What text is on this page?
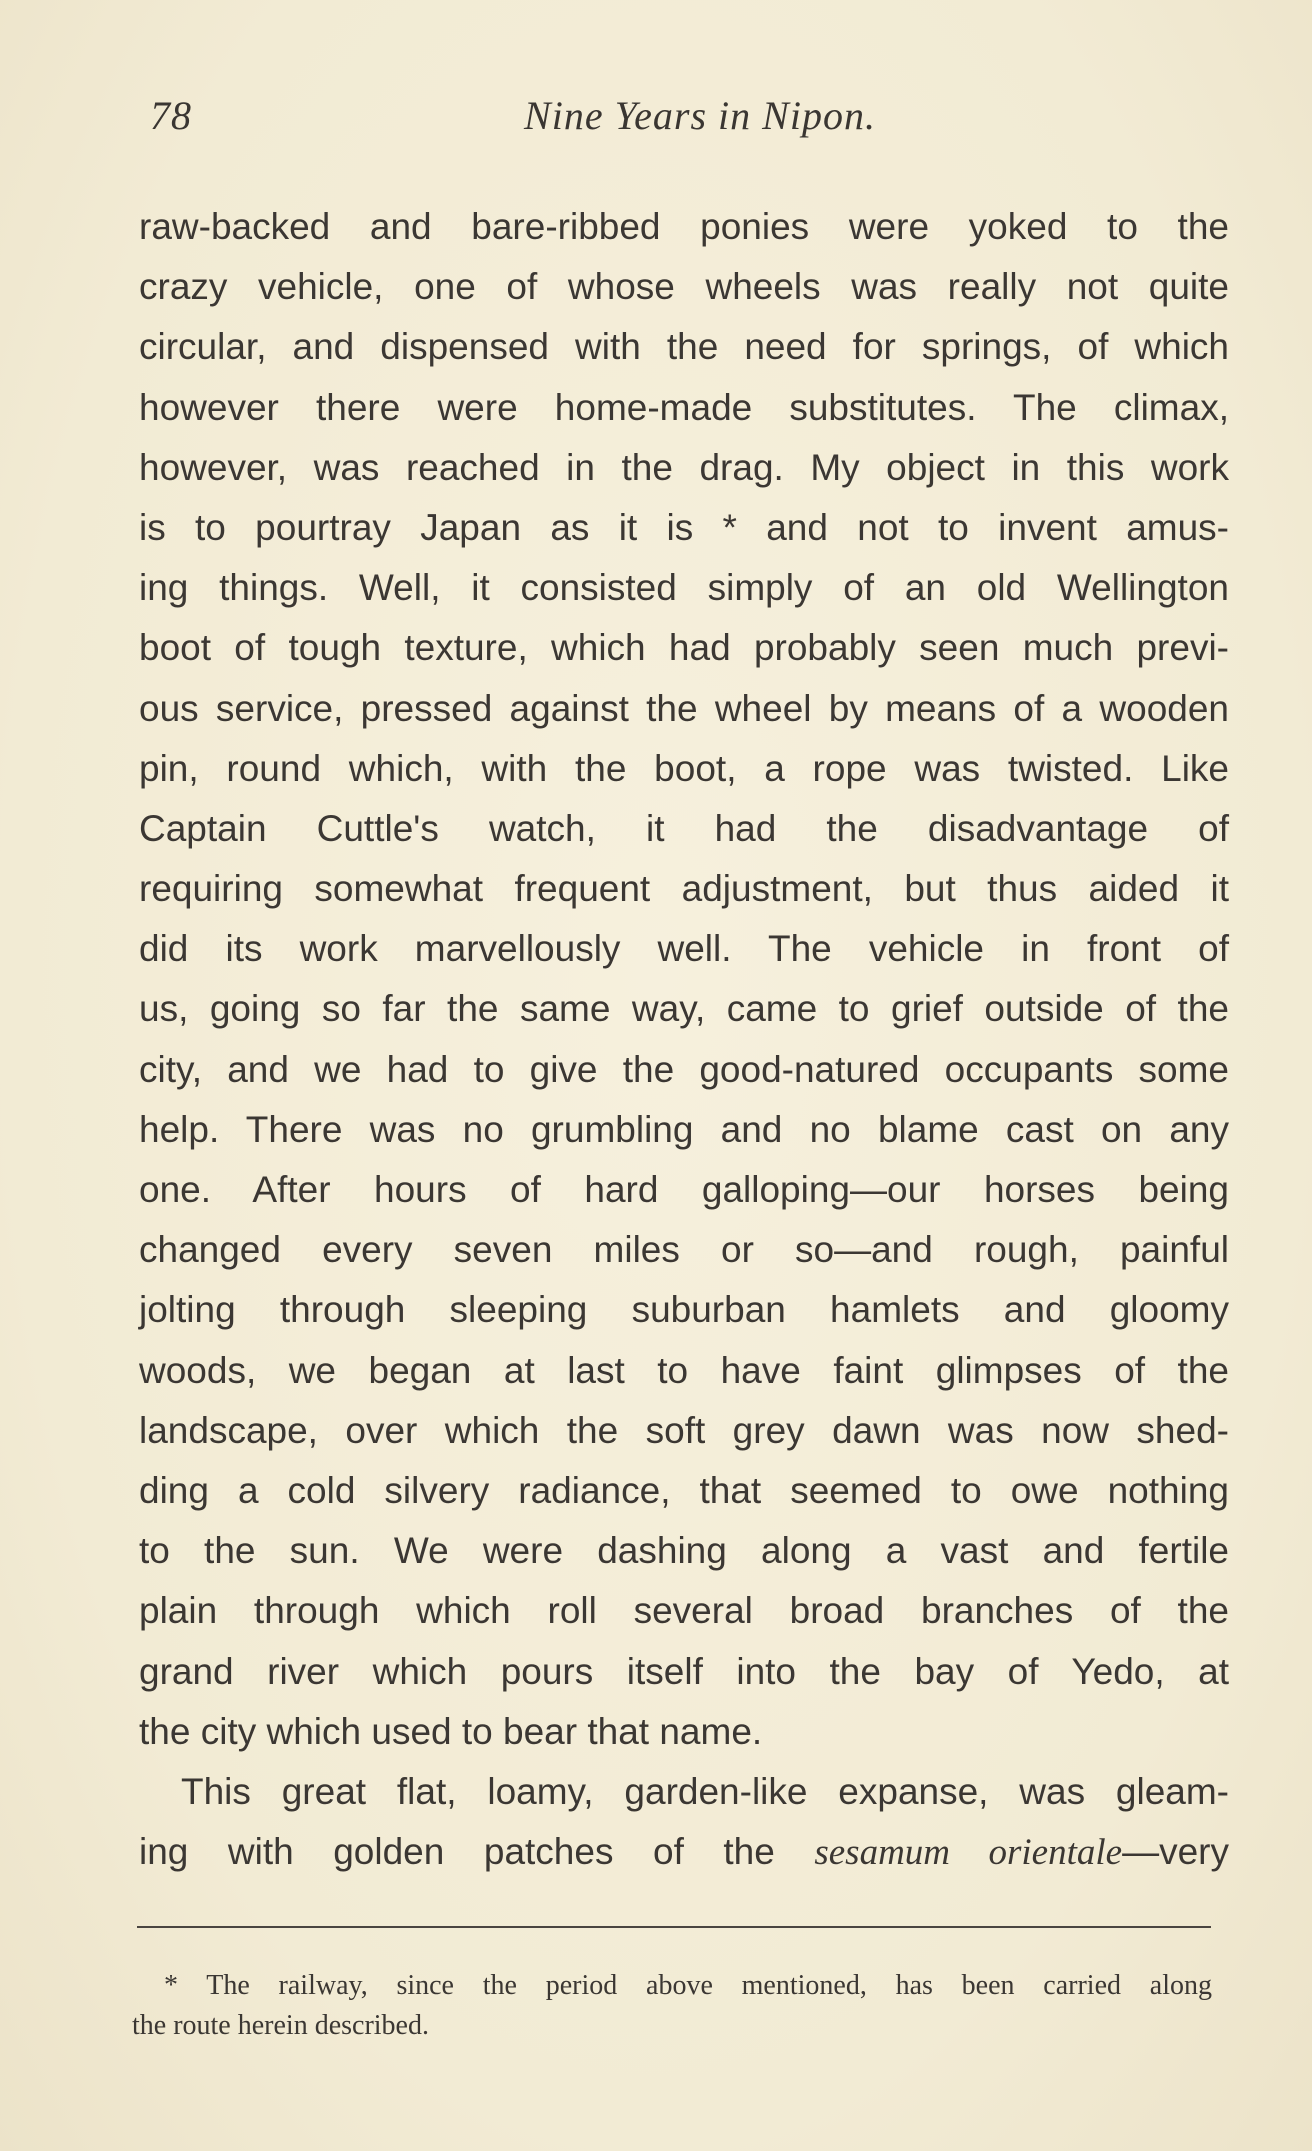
78	Nine Years in Nipon.
raw-backed and bare-ribbed ponies were yoked to the
crazy vehicle, one of whose wheels was really not quite
circular, and dispensed with the need for springs, of which
however there were home-made substitutes. The climax,
however, was reached in the drag. My object in this work
is to pourtray Japan as it is * and not to invent amus-
ing things. Well, it consisted simply of an old Wellington
boot of tough texture, which had probably seen much previ-
ous service, pressed against the wheel by means of a wooden
pin, round which, with the boot, a rope was twisted. Like
Captain Cuttle's watch, it had the disadvantage of
requiring somewhat frequent adjustment, but thus aided it
did its work marvellously well. The vehicle in front of
us, going so far the same way, came to grief outside of the
city, and we had to give the good-natured occupants some
help. There was no grumbling and no blame cast on any
one. After hours of hard galloping—our horses being
changed every seven miles or so—and rough, painful
jolting through sleeping suburban hamlets and gloomy
woods, we began at last to have faint glimpses of the
landscape, over which the soft grey dawn was now shed-
ding a cold silvery radiance, that seemed to owe nothing
to the sun. We were dashing along a vast and fertile
plain through which roll several broad branches of the
grand river which pours itself into the bay of Yedo, at
the city which used to bear that name.
This great flat, loamy, garden-like expanse, was gleam-
ing with golden patches of the sesamum orientale—very
* The railway, since the period above mentioned, has been carried along
the route herein described.
